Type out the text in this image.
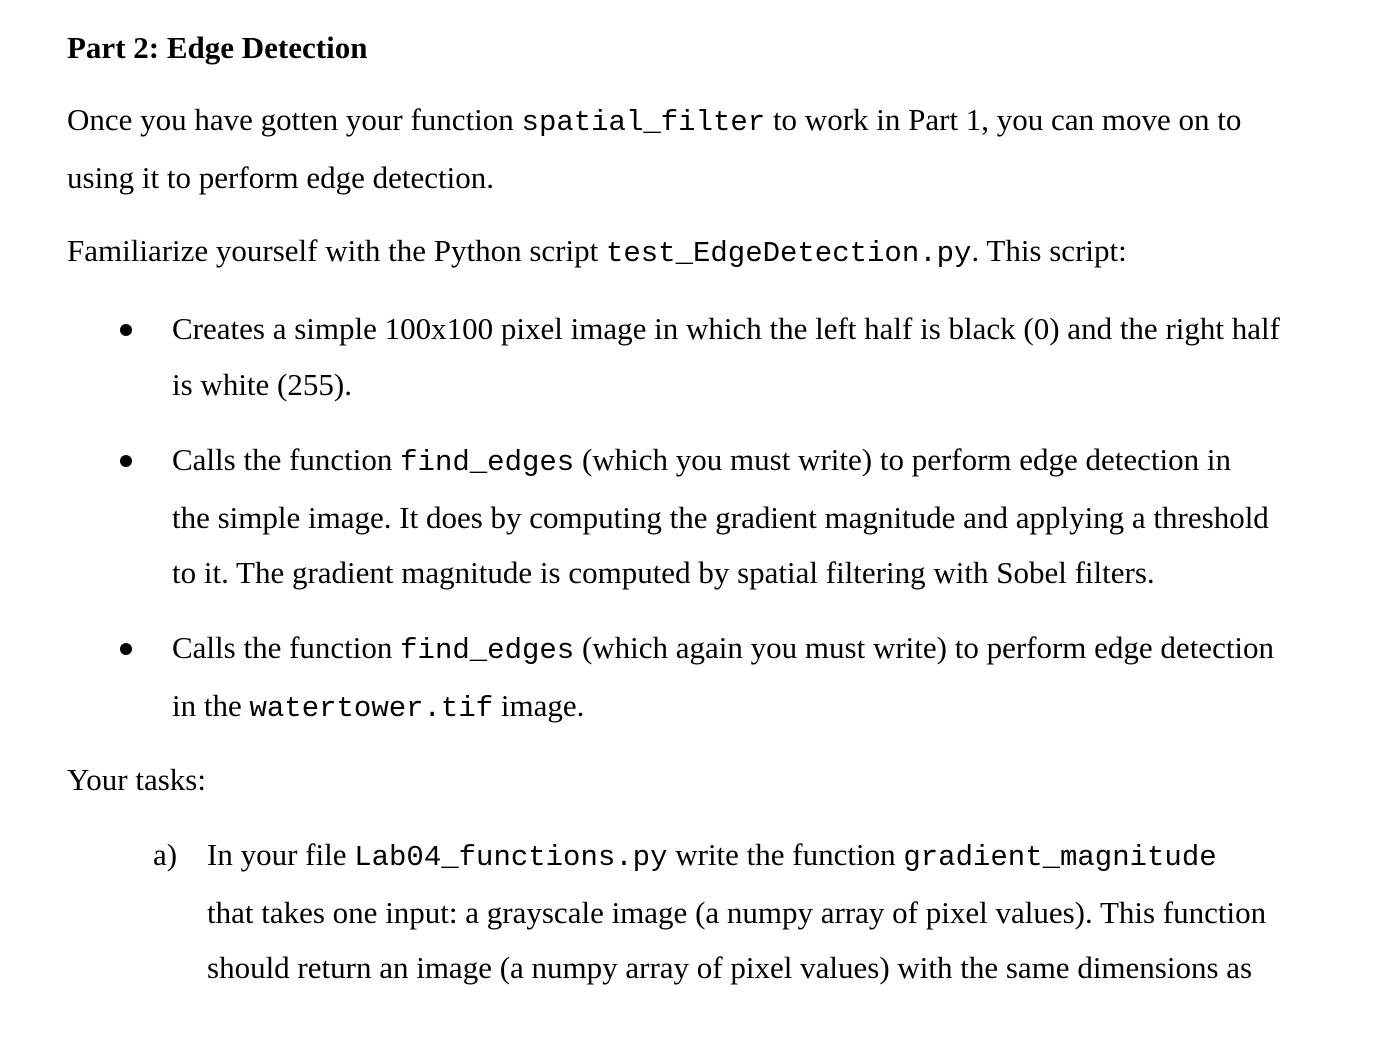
Part 2: Edge Detection
Once you have gotten your function spatial_filter to work in Part 1, you can move on to
using it to perform edge detection.
Familiarize yourself with the Python script test_EdgeDetection.py. This script:
Creates a simple 100x100 pixel image in which the left half is black (0) and the right half
is white (255).
Calls the function find_edges (which you must write) to perform edge detection in
the simple image. It does by computing the gradient magnitude and applying a threshold
to it. The gradient magnitude is computed by spatial filtering with Sobel filters.
Calls the function find_edges (which again you must write) to perform edge detection
in the watertower.tif image.
Your tasks:
a) In your file Lab04_functions.py write the function gradient_magnitude
that takes one input: a grayscale image (a numpy array of pixel values). This function
should return an image (a numpy array of pixel values) with the same dimensions as
